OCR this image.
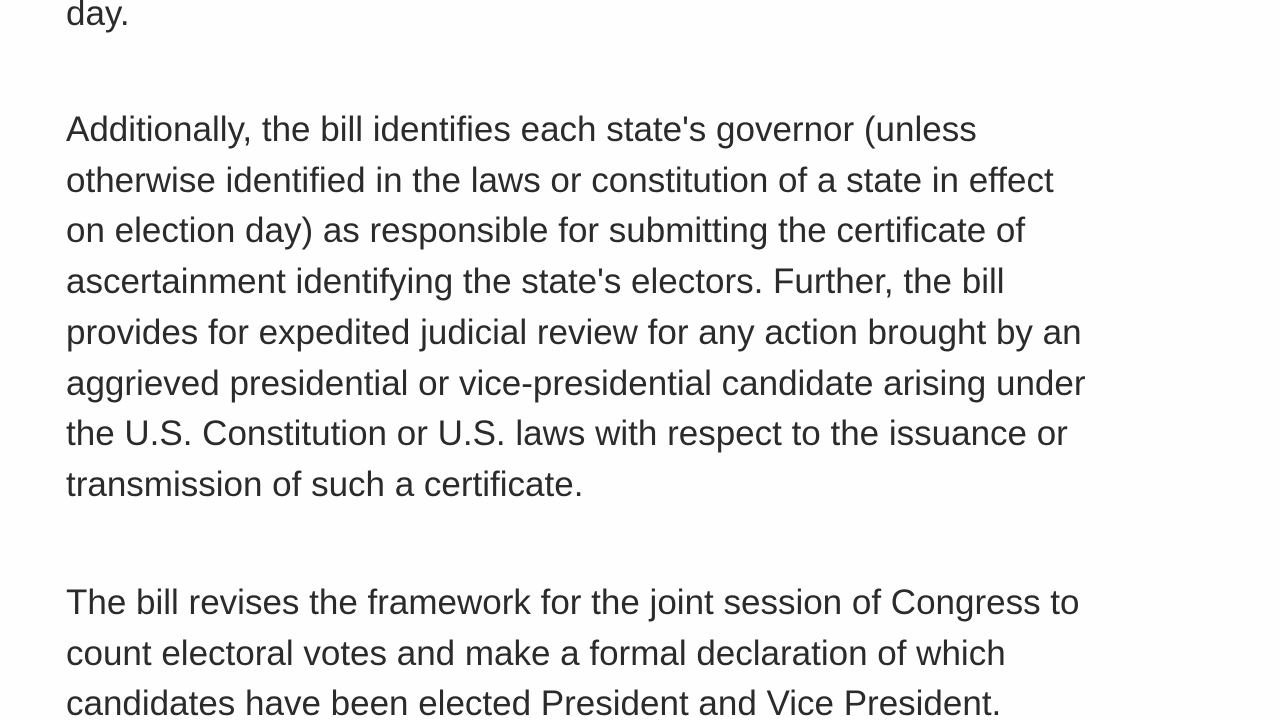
day.

Additionally, the bill identifies each state's governor (unless
otherwise identified in the laws or constitution of a state in effect
on election day) as responsible for submitting the certificate of
ascertainment identifying the state's electors. Further, the bill
provides for expedited judicial review for any action brought by an
aggrieved presidential or vice-presidential candidate arising under
the U.S. Constitution or U.S. laws with respect to the issuance or
transmission of such a certificate.

The bill revises the framework for the joint session of Congress to
count electoral votes and make a formal declaration of which
candidates have been elected President and Vice President.
